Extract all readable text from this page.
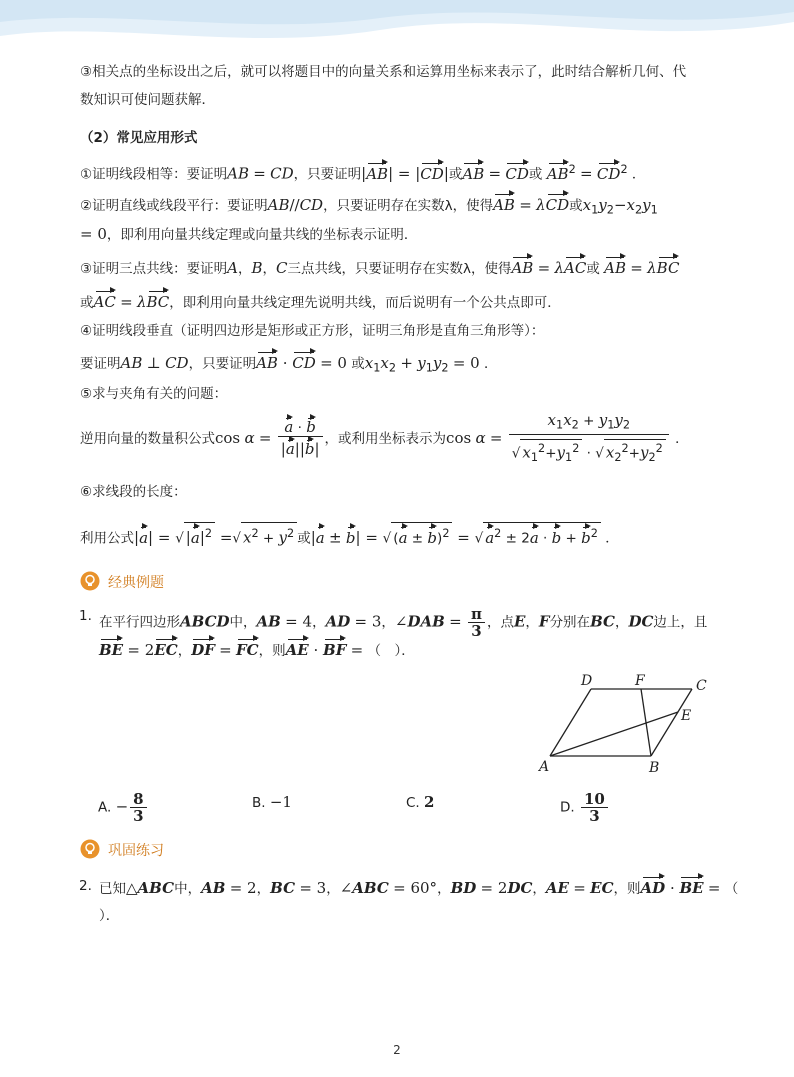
③相关点的坐标设出之后，就可以将题目中的向量关系和运算用坐标来表示了，此时结合解析几何、代
数知识可使问题获解．
（2）常见应用形式
①证明线段相等：要证明AB = CD，只要证明|AB| = |CD|或AB = CD或 $AB^2 = CD^2$ ．
②证明直线或线段平行：要证明AB//CD，只要证明存在实数λ，使得AB = λCD或$x_1y_2-x_2y_1$
= 0，即利用向量共线定理或向量共线的坐标表示证明．
③证明三点共线：要证明A，B，C三点共线，只要证明存在实数λ，使得AB = λAC或 AB = λBC
或AC = λBC，即利用向量共线定理先说明共线，而后说明有一个公共点即可．
④证明线段垂直（证明四边形是矩形或正方形，证明三角形是直角三角形等）：
要证明AB ⊥ CD，只要证明AB · CD = 0 或$x_1x_2 + y_1y_2 = 0$ ．
⑤求与夹角有关的问题：
逆用向量的数量积公式$\cos \alpha = \frac{a \cdot b}{|a||b|}$ ，或利用坐标表示为$\cos \alpha = \frac{x_1x_2 + y_1y_2}{√ x_1^2+y_1^2 \cdot √ x_2^2+y_2^2}$ ．
⑥求线段的长度：
利用公式|a| = √ $|a|^2$ =√ $x^2 + y^2$ 或|a ± b| = √ $(a \pm b)^2$ = √ $a^2 \pm 2a \cdot b + b^2$ ．
经典例题
1. 在平行四边形ABCD中，AB = 4，AD = 3，∠DAB = $\frac{\pi}{3}$ ，点E，F分别在BC，DC边上，且
BE = 2EC，DF = FC，则AE · BF = （　）．
D	F	C
E
A	B
A. − $\frac{8}{3}$	B. −1	C. 2	D. $\frac{10}{3}$
巩固练习
2. 已知△ABC中，AB = 2，BC = 3，∠ABC = 60°，BD = 2DC，AE = EC，则AD · BE = （
）．
2
